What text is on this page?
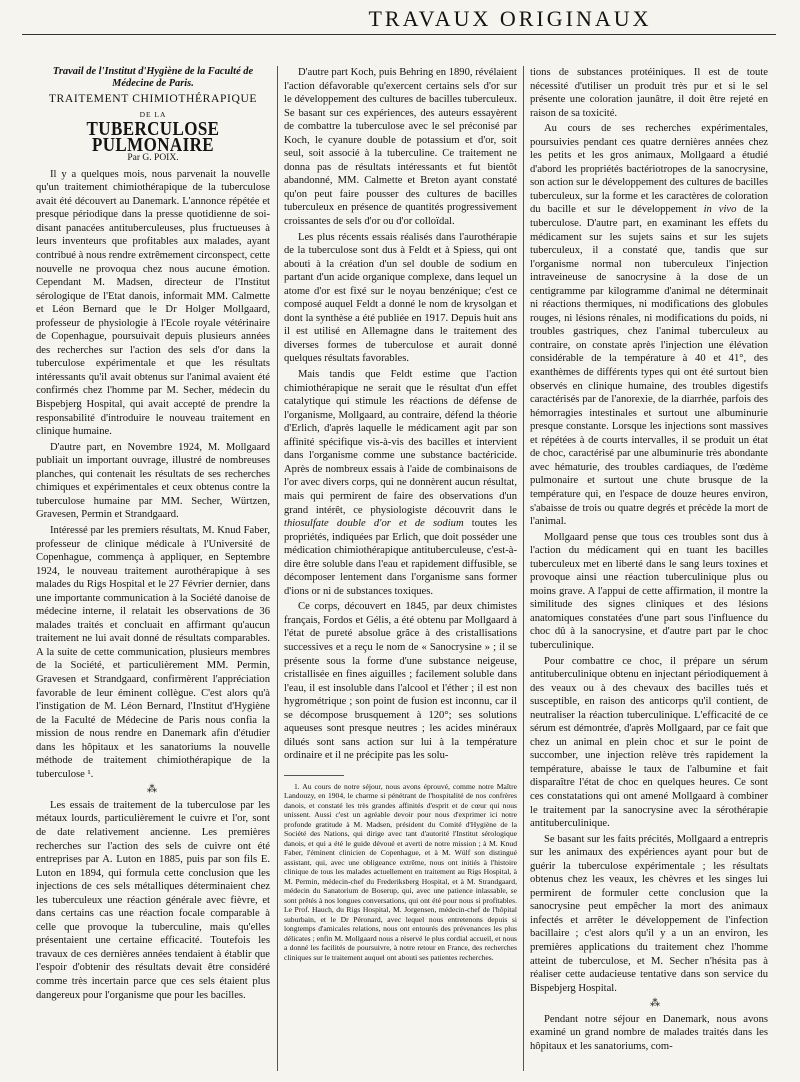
TRAVAUX ORIGINAUX

Travail de l'Institut d'Hygiène de la Faculté de Médecine de Paris.

TRAITEMENT CHIMIOTHÉRAPIQUE

DE LA

TUBERCULOSE PULMONAIRE

Par G. POIX.

Il y a quelques mois, nous parvenait la nouvelle qu'un traitement chimiothérapique de la tuberculose avait été découvert au Danemark. L'annonce répétée et presque périodique dans la presse quotidienne de soi-disant panacées antituberculeuses, plus fructueuses à leurs inventeurs que profitables aux malades, ayant contribué à nous rendre extrêmement circonspect, cette nouvelle ne provoqua chez nous aucune émotion. Cependant M. Madsen, directeur de l'Institut sérologique de l'Etat danois, informait MM. Calmette et Léon Bernard que le Dr Holger Mollgaard, professeur de physiologie à l'Ecole royale vétérinaire de Copenhague, poursuivait depuis plusieurs années des recherches sur l'action des sels d'or dans la tuberculose expérimentale et que les résultats intéressants qu'il avait obtenus sur l'animal avaient été confirmés chez l'homme par M. Secher, médecin du Bispebjerg Hospital, qui avait accepté de prendre la responsabilité d'introduire le nouveau traitement en clinique humaine.

D'autre part, en Novembre 1924, M. Mollgaard publiait un important ouvrage, illustré de nombreuses planches, qui contenait les résultats de ses recherches chimiques et expérimentales et ceux obtenus contre la tuberculose humaine par MM. Secher, Würtzen, Gravesen, Permin et Strandgaard.

Intéressé par les premiers résultats, M. Knud Faber, professeur de clinique médicale à l'Université de Copenhague, commença à appliquer, en Septembre 1924, le nouveau traitement aurothérapique à ses malades du Rigs Hospital et le 27 Février dernier, dans une importante communication à la Société danoise de médecine interne, il relatait les observations de 36 malades traités et concluait en affirmant qu'aucun traitement ne lui avait donné de résultats comparables. A la suite de cette communication, plusieurs membres de la Société, et particulièrement MM. Permin, Gravesen et Strandgaard, confirmèrent l'appréciation favorable de leur éminent collègue. C'est alors qu'à l'instigation de M. Léon Bernard, l'Institut d'Hygiène de la Faculté de Médecine de Paris nous confia la mission de nous rendre en Danemark afin d'étudier dans les hôpitaux et les sanatoriums la nouvelle méthode de traitement chimiothérapique de la tuberculose ¹.

⁂

Les essais de traitement de la tuberculose par les métaux lourds, particulièrement le cuivre et l'or, sont de date relativement ancienne. Les premières recherches sur l'action des sels de cuivre ont été entreprises par A. Luton en 1885, puis par son fils E. Luton en 1894, qui formula cette conclusion que les injections de ces sels métalliques déterminaient chez les tuberculeux une réaction générale avec fièvre, et dans certains cas une réaction focale comparable à celle que provoque la tuberculine, mais qu'elles présentaient une certaine efficacité. Toutefois les travaux de ces dernières années tendaient à établir que l'espoir d'obtenir des résultats devait être considéré comme très incertain parce que ces sels étaient plus dangereux pour l'organisme que pour les bacilles.

D'autre part Koch, puis Behring en 1890, révélaient l'action défavorable qu'exercent certains sels d'or sur le développement des cultures de bacilles tuberculeux. Se basant sur ces expériences, des auteurs essayèrent de combattre la tuberculose avec le sel préconisé par Koch, le cyanure double de potassium et d'or, soit seul, soit associé à la tuberculine. Ce traitement ne donna pas de résultats intéressants et fut bientôt abandonné, MM. Calmette et Breton ayant constaté qu'on peut faire pousser des cultures de bacilles tuberculeux en présence de quantités progressivement croissantes de sels d'or ou d'or colloïdal.

Les plus récents essais réalisés dans l'aurothérapie de la tuberculose sont dus à Feldt et à Spiess, qui ont abouti à la création d'un sel double de sodium en partant d'un acide organique complexe, dans lequel un atome d'or est fixé sur le noyau benzénique; c'est ce composé auquel Feldt a donné le nom de krysolgan et dont la synthèse a été publiée en 1917. Depuis huit ans il est utilisé en Allemagne dans le traitement des diverses formes de tuberculose et aurait donné quelques résultats favorables.

Mais tandis que Feldt estime que l'action chimiothérapique ne serait que le résultat d'un effet catalytique qui stimule les réactions de défense de l'organisme, Mollgaard, au contraire, défend la théorie d'Erlich, d'après laquelle le médicament agit par son affinité spécifique vis-à-vis des bacilles et intervient dans l'organisme comme une substance bactéricide. Après de nombreux essais à l'aide de combinaisons de l'or avec divers corps, qui ne donnèrent aucun résultat, mais qui permirent de faire des observations d'un grand intérêt, ce physiologiste découvrit dans le thiosulfate double d'or et de sodium toutes les propriétés, indiquées par Erlich, que doit posséder une médication chimiothérapique antituberculeuse, c'est-à-dire être soluble dans l'eau et rapidement diffusible, se décomposer lentement dans l'organisme sans former d'ions or ni de substances toxiques.

Ce corps, découvert en 1845, par deux chimistes français, Fordos et Gélis, a été obtenu par Mollgaard à l'état de pureté absolue grâce à des cristallisations successives et a reçu le nom de « Sanocrysine » ; il se présente sous la forme d'une substance neigeuse, cristallisée en fines aiguilles ; facilement soluble dans l'eau, il est insoluble dans l'alcool et l'éther ; il est non hygrométrique ; son point de fusion est inconnu, car il se décompose brusquement à 120°; ses solutions aqueuses sont presque neutres ; les acides minéraux dilués sont sans action sur lui à la température ordinaire et il ne précipite pas les solu-

1. Au cours de notre séjour, nous avons éprouvé, comme notre Maître Landouzy, en 1904, le charme si pénétrant de l'hospitalité de nos confrères danois, et constaté les très grandes affinités d'esprit et de cœur qui nous unissent. Aussi c'est un agréable devoir pour nous d'exprimer ici notre profonde gratitude à M. Madsen, président du Comité d'Hygiène de la Société des Nations, qui dirige avec tant d'autorité l'Institut sérologique danois, et qui a été le guide dévoué et averti de notre mission ; à M. Knud Faber, l'éminent clinicien de Copenhague, et à M. Wülf son distingué assistant, qui, avec une obligeance extrême, nous ont initiés à l'histoire clinique de tous les malades actuellement en traitement au Rigs Hospital, à M. Permin, médecin-chef du Frederiksberg Hospital, et à M. Strandgaard, médecin du Sanatorium de Boserup, qui, avec une patience inlassable, se sont prêtés à nos longues conversations, qui ont été pour nous si profitables. Le Prof. Hauch, du Rigs Hospital, M. Jorgensen, médecin-chef de l'hôpital suburbain, et le Dr Péronard, avec lequel nous entretenons depuis si longtemps d'amicales relations, nous ont entourés des prévenances les plus délicates ; enfin M. Mollgaard nous a réservé le plus cordial accueil, et nous a donné les facilités de poursuivre, à notre retour en France, des recherches cliniques sur le traitement auquel ont abouti ses patientes recherches.

tions de substances protéiniques. Il est de toute nécessité d'utiliser un produit très pur et si le sel présente une coloration jaunâtre, il doit être rejeté en raison de sa toxicité.

Au cours de ses recherches expérimentales, poursuivies pendant ces quatre dernières années chez les petits et les gros animaux, Mollgaard a étudié d'abord les propriétés bactériotropes de la sanocrysine, son action sur le développement des cultures de bacilles tuberculeux, sur la forme et les caractères de coloration du bacille et sur le développement in vivo de la tuberculose. D'autre part, en examinant les effets du médicament sur les sujets sains et sur les sujets tuberculeux, il a constaté que, tandis que sur l'organisme normal non tuberculeux l'injection intraveineuse de sanocrysine à la dose de un centigramme par kilogramme d'animal ne déterminait ni réactions thermiques, ni modifications des globules rouges, ni lésions rénales, ni modifications du poids, ni troubles gastriques, chez l'animal tuberculeux au contraire, on constate après l'injection une élévation considérable de la température à 40 et 41°, des exanthèmes de différents types qui ont été surtout bien observés en clinique humaine, des troubles digestifs caractérisés par de l'anorexie, de la diarrhée, parfois des hémorragies intestinales et surtout une albuminurie presque constante. Lorsque les injections sont massives et répétées à de courts intervalles, il se produit un état de choc, caractérisé par une albuminurie très abondante avec hématurie, des troubles cardiaques, de l'œdème pulmonaire et surtout une chute brusque de la température qui, en l'espace de douze heures environ, s'abaisse de trois ou quatre degrés et précède la mort de l'animal.

Mollgaard pense que tous ces troubles sont dus à l'action du médicament qui en tuant les bacilles tuberculeux met en liberté dans le sang leurs toxines et provoque ainsi une réaction tuberculinique plus ou moins grave. A l'appui de cette affirmation, il montre la similitude des signes cliniques et des lésions anatomiques constatées d'une part sous l'influence du choc dû à la sanocrysine, et d'autre part par le choc tuberculinique.

Pour combattre ce choc, il prépare un sérum antituberculinique obtenu en injectant périodiquement à des veaux ou à des chevaux des bacilles tués et susceptible, en raison des anticorps qu'il contient, de neutraliser la réaction tuberculinique. L'efficacité de ce sérum est démontrée, d'après Mollgaard, par ce fait que chez un animal en plein choc et sur le point de succomber, une injection relève très rapidement la température, abaisse le taux de l'albumine et fait disparaître l'état de choc en quelques heures. Ce sont ces constatations qui ont amené Mollgaard à combiner le traitement par la sanocrysine avec la sérothérapie antituberculinique.

Se basant sur les faits précités, Mollgaard a entrepris sur les animaux des expériences ayant pour but de guérir la tuberculose expérimentale ; les résultats obtenus chez les veaux, les chèvres et les singes lui permirent de formuler cette conclusion que la sanocrysine peut empêcher la mort des animaux infectés et arrêter le développement de l'infection bacillaire ; c'est alors qu'il y a un an environ, les premières applications du traitement chez l'homme atteint de tuberculose, et M. Secher n'hésita pas à réaliser cette audacieuse tentative dans son service du Bispebjerg Hospital.

⁂

Pendant notre séjour en Danemark, nous avons examiné un grand nombre de malades traités dans les hôpitaux et les sanatoriums, com-
